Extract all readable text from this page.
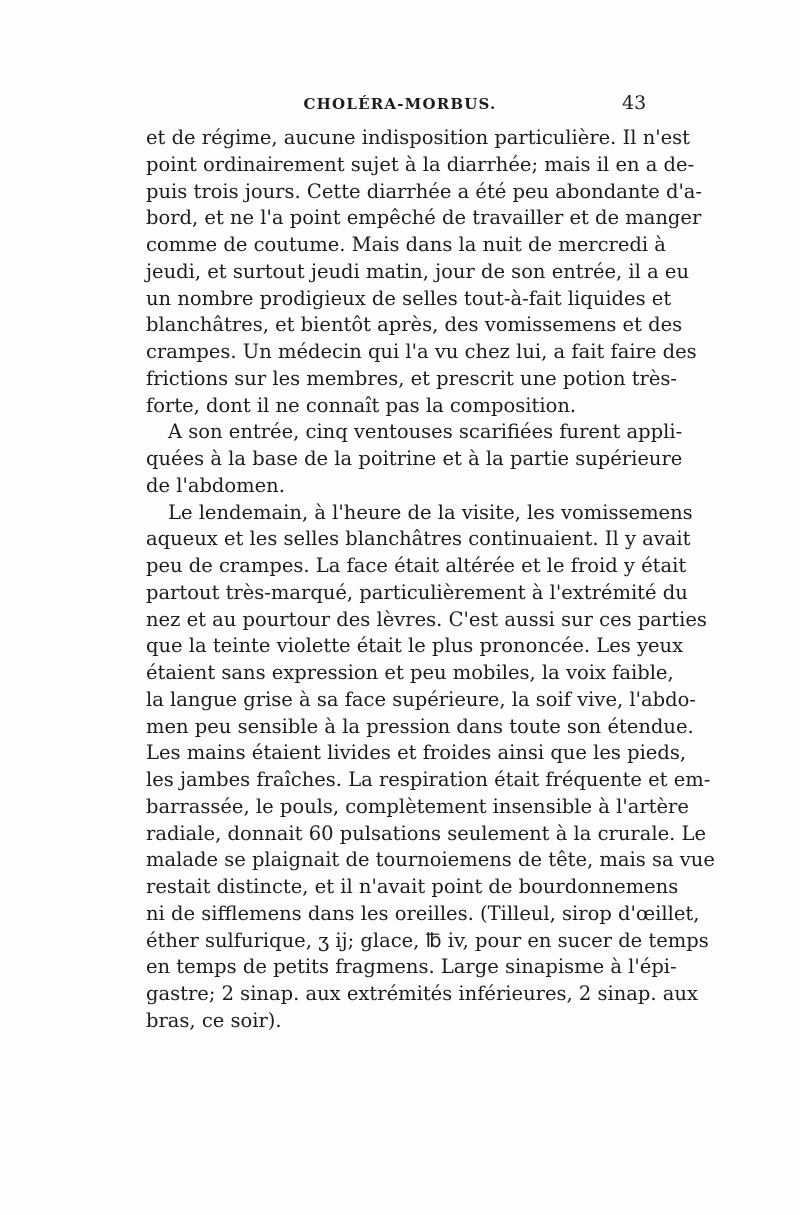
CHOLÉRA-MORBUS.	43
et de régime, aucune indisposition particulière. Il n'est
point ordinairement sujet à la diarrhée; mais il en a de-
puis trois jours. Cette diarrhée a été peu abondante d'a-
bord, et ne l'a point empêché de travailler et de manger
comme de coutume. Mais dans la nuit de mercredi à
jeudi, et surtout jeudi matin, jour de son entrée, il a eu
un nombre prodigieux de selles tout-à-fait liquides et
blanchâtres, et bientôt après, des vomissemens et des
crampes. Un médecin qui l'a vu chez lui, a fait faire des
frictions sur les membres, et prescrit une potion très-
forte, dont il ne connaît pas la composition.
A son entrée, cinq ventouses scarifiées furent appli-
quées à la base de la poitrine et à la partie supérieure
de l'abdomen.
Le lendemain, à l'heure de la visite, les vomissemens
aqueux et les selles blanchâtres continuaient. Il y avait
peu de crampes. La face était altérée et le froid y était
partout très-marqué, particulièrement à l'extrémité du
nez et au pourtour des lèvres. C'est aussi sur ces parties
que la teinte violette était le plus prononcée. Les yeux
étaient sans expression et peu mobiles, la voix faible,
la langue grise à sa face supérieure, la soif vive, l'abdo-
men peu sensible à la pression dans toute son étendue.
Les mains étaient livides et froides ainsi que les pieds,
les jambes fraîches. La respiration était fréquente et em-
barrassée, le pouls, complètement insensible à l'artère
radiale, donnait 60 pulsations seulement à la crurale. Le
malade se plaignait de tournoiemens de tête, mais sa vue
restait distincte, et il n'avait point de bourdonnemens
ni de sifflemens dans les oreilles. (Tilleul, sirop d'œillet,
éther sulfurique, ʒ ij; glace, ℔ iv, pour en sucer de temps
en temps de petits fragmens. Large sinapisme à l'épi-
gastre; 2 sinap. aux extrémités inférieures, 2 sinap. aux
bras, ce soir).
